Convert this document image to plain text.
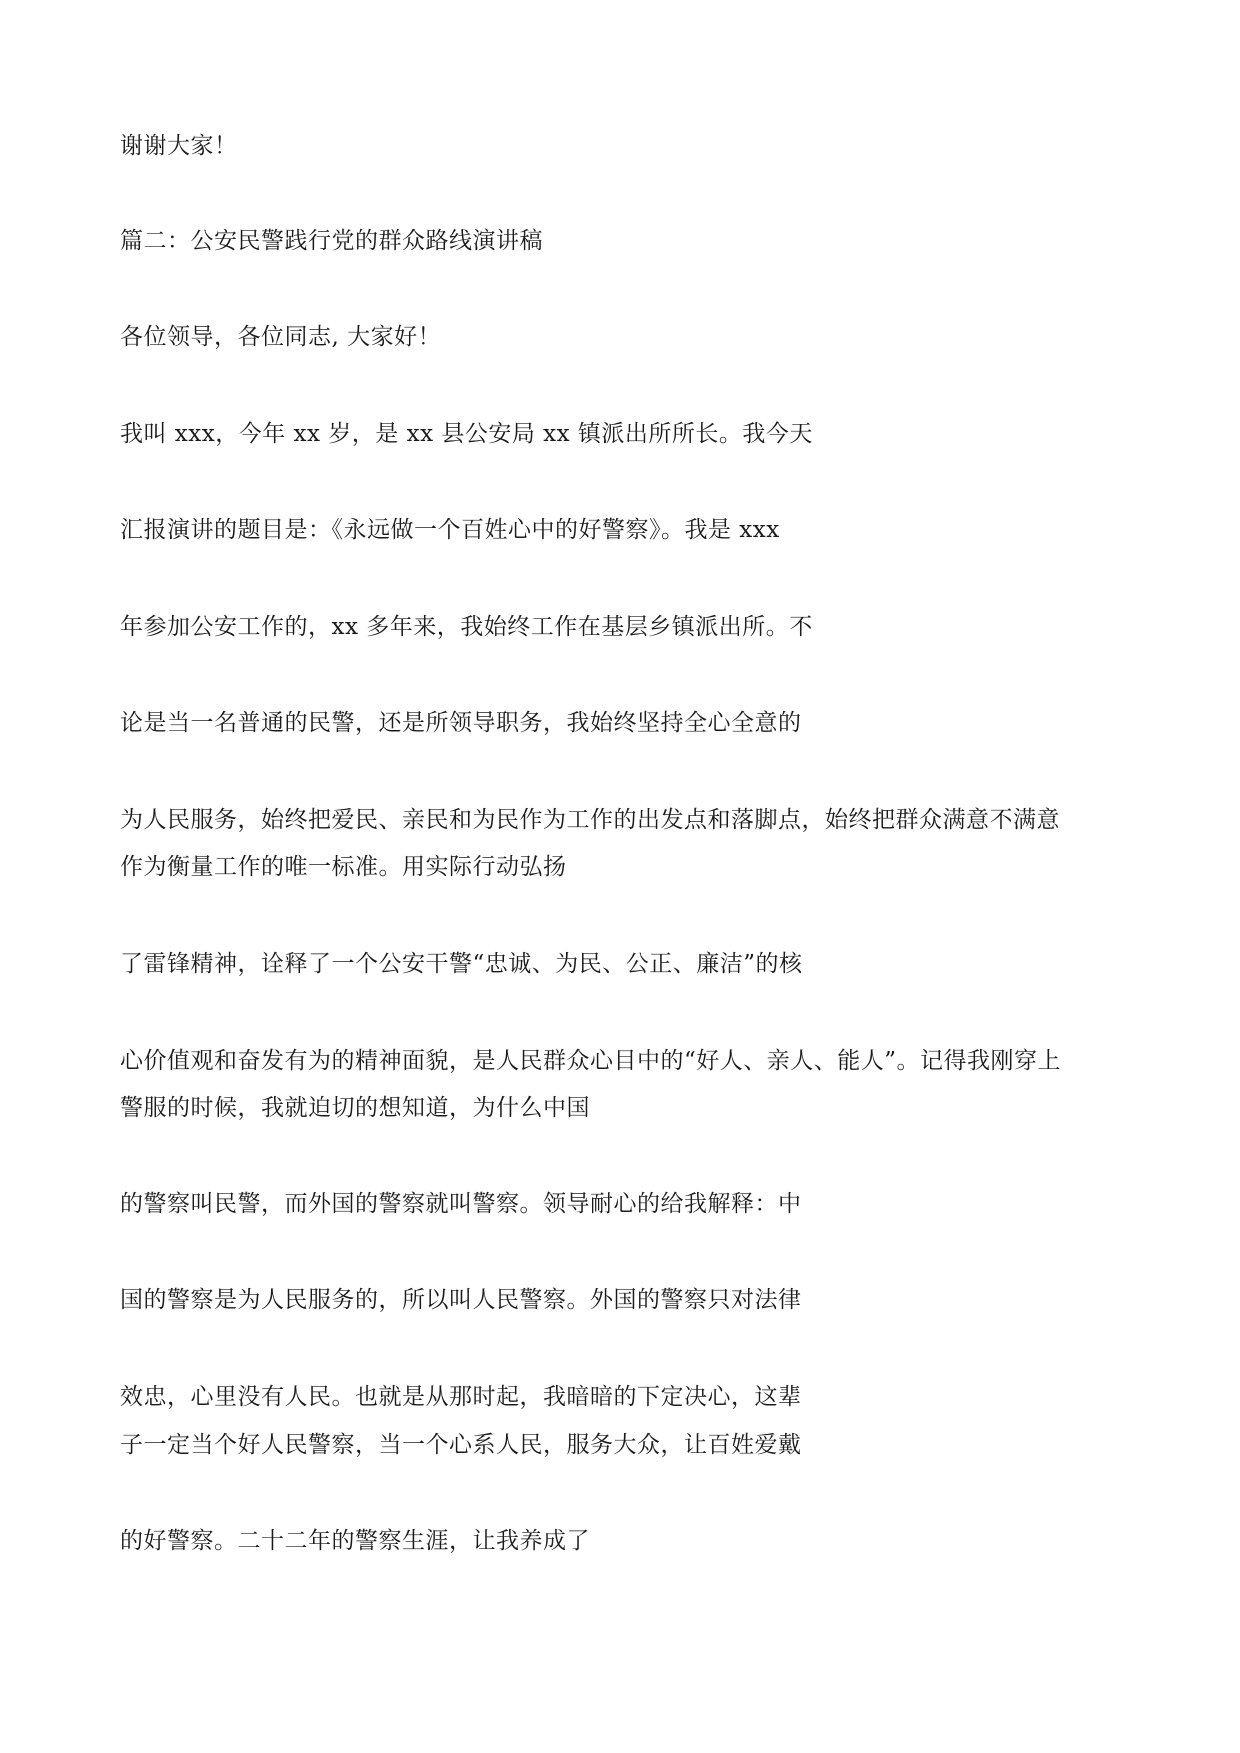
谢谢大家！
篇二：公安民警践行党的群众路线演讲稿
各位领导，各位同志, 大家好！
我叫 xxx，今年 xx 岁，是 xx 县公安局 xx 镇派出所所长。我今天
汇报演讲的题目是：《永远做一个百姓心中的好警察》。我是 xxx
年参加公安工作的，xx 多年来，我始终工作在基层乡镇派出所。不
论是当一名普通的民警，还是所领导职务，我始终坚持全心全意的
为人民服务，始终把爱民、亲民和为民作为工作的出发点和落脚点，始终把群众满意不满意
作为衡量工作的唯一标准。用实际行动弘扬
了雷锋精神，诠释了一个公安干警“忠诚、为民、公正、廉洁”的核
心价值观和奋发有为的精神面貌，是人民群众心目中的“好人、亲人、能人”。记得我刚穿上
警服的时候，我就迫切的想知道，为什么中国
的警察叫民警，而外国的警察就叫警察。领导耐心的给我解释：中
国的警察是为人民服务的，所以叫人民警察。外国的警察只对法律
效忠，心里没有人民。也就是从那时起，我暗暗的下定决心，这辈
子一定当个好人民警察，当一个心系人民，服务大众，让百姓爱戴
的好警察。二十二年的警察生涯，让我养成了
